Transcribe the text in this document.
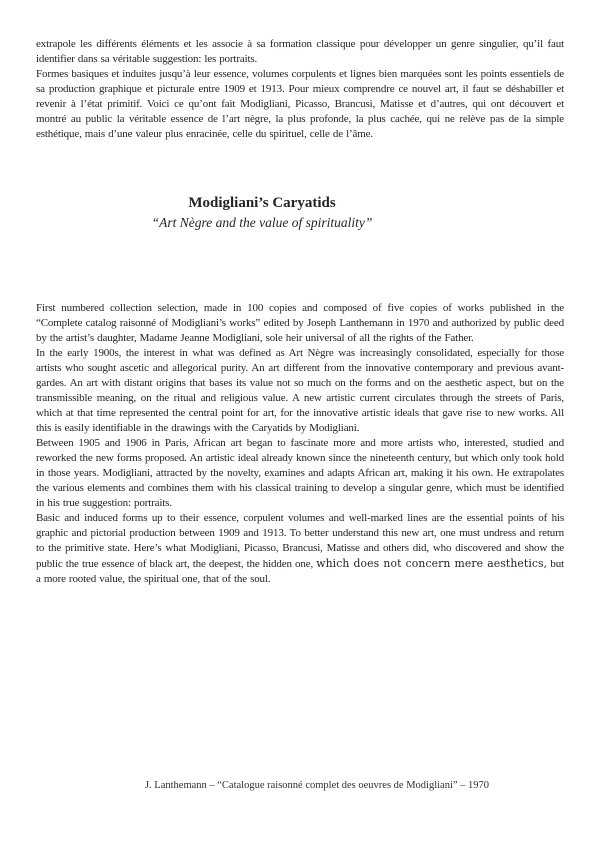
extrapole les différents éléments et les associe à sa formation classique pour développer un genre singulier, qu’il faut identifier dans sa véritable suggestion: les portraits.

Formes basiques et induites jusqu’à leur essence, volumes corpulents et lignes bien marquées sont les points essentiels de sa production graphique et picturale entre 1909 et 1913. Pour mieux comprendre ce nouvel art, il faut se déshabiller et revenir à l’état primitif. Voici ce qu’ont fait Modigliani, Picasso, Brancusi, Matisse et d’autres, qui ont découvert et montré au public la véritable essence de l’art nègre, la plus profonde, la plus cachée, qui ne relève pas de la simple esthétique, mais d’une valeur plus enracinée, celle du spirituel, celle de l’âme.

Modigliani’s Caryatids
“Art Nègre and the value of spirituality”

First numbered collection selection, made in 100 copies and composed of five copies of works published in the “Complete catalog raisonné of Modigliani’s works” edited by Joseph Lanthemann in 1970 and authorized by public deed by the artist’s daughter, Madame Jeanne Modigliani, sole heir universal of all the rights of the Father.

In the early 1900s, the interest in what was defined as Art Nègre was increasingly consolidated, especially for those artists who sought ascetic and allegorical purity. An art different from the innovative contemporary and previous avant-gardes. An art with distant origins that bases its value not so much on the forms and on the aesthetic aspect, but on the transmissible meaning, on the ritual and religious value. A new artistic current circulates through the streets of Paris, which at that time represented the central point for art, for the innovative artistic ideals that gave rise to new works. All this is easily identifiable in the drawings with the Caryatids by Modigliani.

Between 1905 and 1906 in Paris, African art began to fascinate more and more artists who, interested, studied and reworked the new forms proposed. An artistic ideal already known since the nineteenth century, but which only took hold in those years. Modigliani, attracted by the novelty, examines and adapts African art, making it his own. He extrapolates the various elements and combines them with his classical training to develop a singular genre, which must be identified in his true suggestion: portraits.

Basic and induced forms up to their essence, corpulent volumes and well-marked lines are the essential points of his graphic and pictorial production between 1909 and 1913. To better understand this new art, one must undress and return to the primitive state. Here’s what Modigliani, Picasso, Brancusi, Matisse and others did, who discovered and show the public the true essence of black art, the deepest, the hidden one, which does not concern mere aesthetics, but a more rooted value, the spiritual one, that of the soul.

J. Lanthemann – “Catalogue raisonné complet des oeuvres de Modigliani” – 1970
